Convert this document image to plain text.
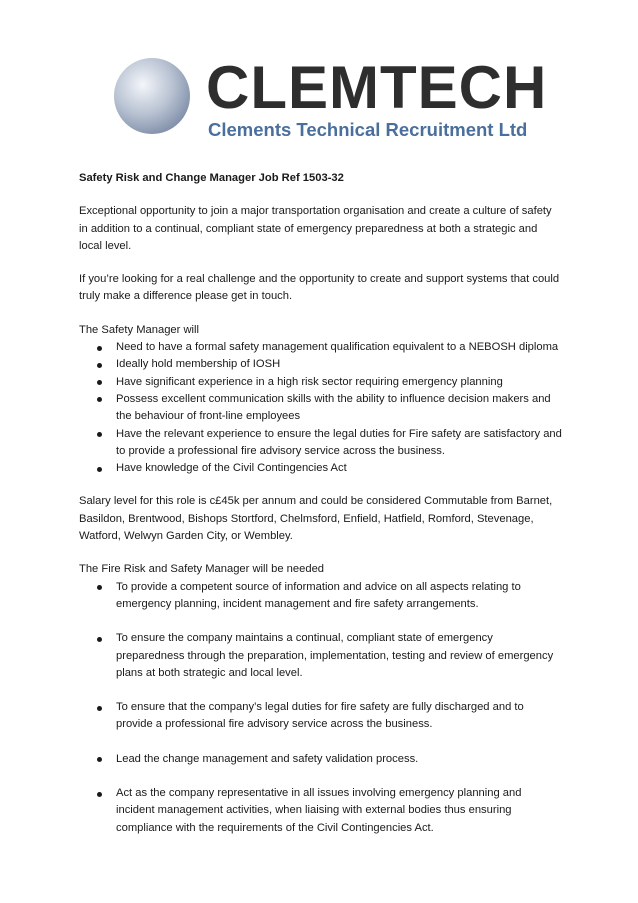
CLEMTECH
Clements Technical Recruitment Ltd

Safety Risk and Change Manager Job Ref 1503-32

Exceptional opportunity to join a major transportation organisation and create a culture of safety in addition to a continual, compliant state of emergency preparedness at both a strategic and local level.

If you’re looking for a real challenge and the opportunity to create and support systems that could truly make a difference please get in touch.

The Safety Manager will

Need to have a formal safety management qualification equivalent to a NEBOSH diploma
Ideally hold membership of IOSH
Have significant experience in a high risk sector requiring emergency planning
Possess excellent communication skills with the ability to influence decision makers and the behaviour of front-line employees
Have the relevant experience to ensure the legal duties for Fire safety are satisfactory and to provide a professional fire advisory service across the business.
Have knowledge of the Civil Contingencies Act

Salary level for this role is c£45k per annum and could be considered Commutable from Barnet, Basildon, Brentwood, Bishops Stortford, Chelmsford, Enfield, Hatfield, Romford, Stevenage, Watford, Welwyn Garden City, or Wembley.

The Fire Risk and Safety Manager will be needed

To provide a competent source of information and advice on all aspects relating to emergency planning, incident management and fire safety arrangements.
To ensure the company maintains a continual, compliant state of emergency preparedness through the preparation, implementation, testing and review of emergency plans at both strategic and local level.
To ensure that the company’s legal duties for fire safety are fully discharged and to provide a professional fire advisory service across the business.
Lead the change management and safety validation process.
Act as the company representative in all issues involving emergency planning and incident management activities, when liaising with external bodies thus ensuring compliance with the requirements of the Civil Contingencies Act.
